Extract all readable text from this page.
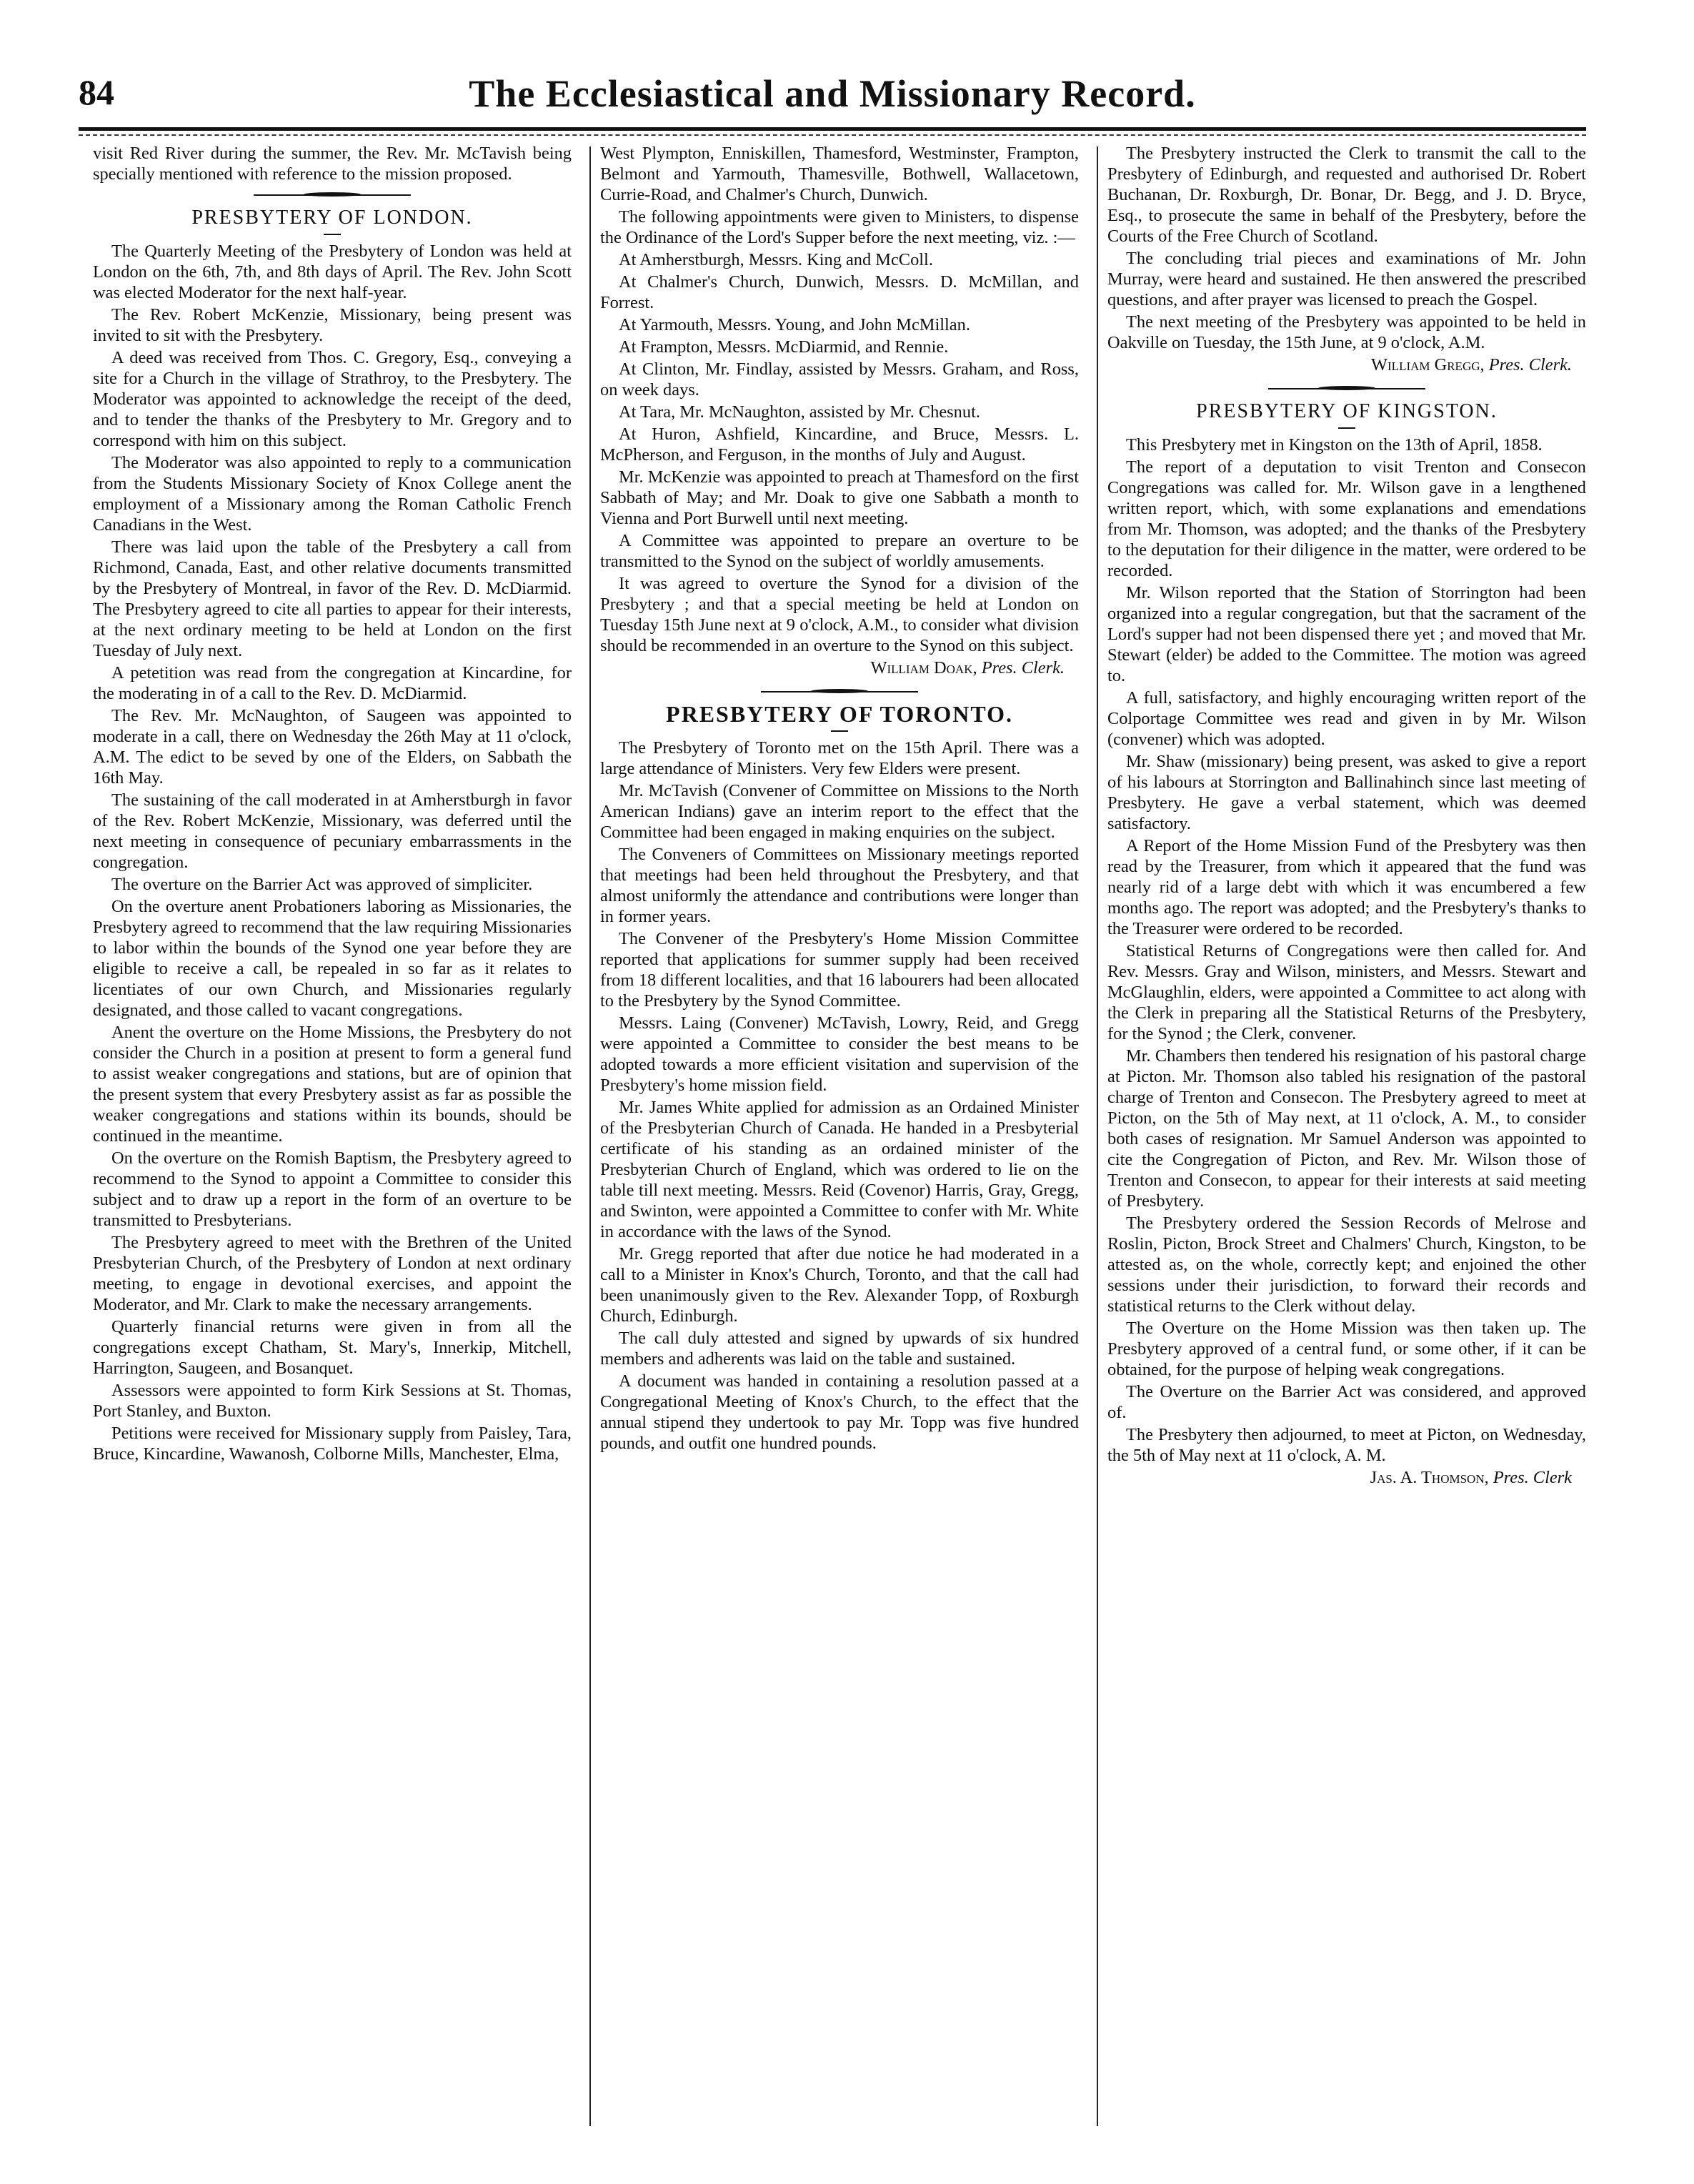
84	The Ecclesiastical and Missionary Record.

visit Red River during the summer, the Rev. Mr. McTavish being specially mentioned with reference to the mission proposed.

PRESBYTERY OF LONDON.

The Quarterly Meeting of the Presbytery of London was held at London on the 6th, 7th, and 8th days of April. The Rev. John Scott was elected Moderator for the next half-year.

The Rev. Robert McKenzie, Missionary, being present was invited to sit with the Presbytery.

A deed was received from Thos. C. Gregory, Esq., conveying a site for a Church in the village of Strathroy, to the Presbytery. The Moderator was appointed to acknowledge the receipt of the deed, and to tender the thanks of the Presbytery to Mr. Gregory and to correspond with him on this subject.

The Moderator was also appointed to reply to a communication from the Students Missionary Society of Knox College anent the employment of a Missionary among the Roman Catholic French Canadians in the West.

There was laid upon the table of the Presbytery a call from Richmond, Canada, East, and other relative documents transmitted by the Presbytery of Montreal, in favor of the Rev. D. McDiarmid. The Presbytery agreed to cite all parties to appear for their interests, at the next ordinary meeting to be held at London on the first Tuesday of July next.

A petetition was read from the congregation at Kincardine, for the moderating in of a call to the Rev. D. McDiarmid.

The Rev. Mr. McNaughton, of Saugeen was appointed to moderate in a call, there on Wednesday the 26th May at 11 o'clock, A.M. The edict to be seved by one of the Elders, on Sabbath the 16th May.

The sustaining of the call moderated in at Amherstburgh in favor of the Rev. Robert McKenzie, Missionary, was deferred until the next meeting in consequence of pecuniary embarrassments in the congregation.

The overture on the Barrier Act was approved of simpliciter.

On the overture anent Probationers laboring as Missionaries, the Presbytery agreed to recommend that the law requiring Missionaries to labor within the bounds of the Synod one year before they are eligible to receive a call, be repealed in so far as it relates to licentiates of our own Church, and Missionaries regularly designated, and those called to vacant congregations.

Anent the overture on the Home Missions, the Presbytery do not consider the Church in a position at present to form a general fund to assist weaker congregations and stations, but are of opinion that the present system that every Presbytery assist as far as possible the weaker congregations and stations within its bounds, should be continued in the meantime.

On the overture on the Romish Baptism, the Presbytery agreed to recommend to the Synod to appoint a Committee to consider this subject and to draw up a report in the form of an overture to be transmitted to Presbyterians.

The Presbytery agreed to meet with the Brethren of the United Presbyterian Church, of the Presbytery of London at next ordinary meeting, to engage in devotional exercises, and appoint the Moderator, and Mr. Clark to make the necessary arrangements.

Quarterly financial returns were given in from all the congregations except Chatham, St. Mary's, Innerkip, Mitchell, Harrington, Saugeen, and Bosanquet.

Assessors were appointed to form Kirk Sessions at St. Thomas, Port Stanley, and Buxton.

Petitions were received for Missionary supply from Paisley, Tara, Bruce, Kincardine, Wawanosh, Colborne Mills, Manchester, Elma,

West Plympton, Enniskillen, Thamesford, Westminster, Frampton, Belmont and Yarmouth, Thamesville, Bothwell, Wallacetown, Currie-Road, and Chalmer's Church, Dunwich.

The following appointments were given to Ministers, to dispense the Ordinance of the Lord's Supper before the next meeting, viz. :—

At Amherstburgh, Messrs. King and McColl.

At Chalmer's Church, Dunwich, Messrs. D. McMillan, and Forrest.

At Yarmouth, Messrs. Young, and John McMillan.

At Frampton, Messrs. McDiarmid, and Rennie.

At Clinton, Mr. Findlay, assisted by Messrs. Graham, and Ross, on week days.

At Tara, Mr. McNaughton, assisted by Mr. Chesnut.

At Huron, Ashfield, Kincardine, and Bruce, Messrs. L. McPherson, and Ferguson, in the months of July and August.

Mr. McKenzie was appointed to preach at Thamesford on the first Sabbath of May; and Mr. Doak to give one Sabbath a month to Vienna and Port Burwell until next meeting.

A Committee was appointed to prepare an overture to be transmitted to the Synod on the subject of worldly amusements.

It was agreed to overture the Synod for a division of the Presbytery ; and that a special meeting be held at London on Tuesday 15th June next at 9 o'clock, A.M., to consider what division should be recommended in an overture to the Synod on this subject.

William Doak, Pres. Clerk.

PRESBYTERY OF TORONTO.

The Presbytery of Toronto met on the 15th April. There was a large attendance of Ministers. Very few Elders were present.

Mr. McTavish (Convener of Committee on Missions to the North American Indians) gave an interim report to the effect that the Committee had been engaged in making enquiries on the subject.

The Conveners of Committees on Missionary meetings reported that meetings had been held throughout the Presbytery, and that almost uniformly the attendance and contributions were longer than in former years.

The Convener of the Presbytery's Home Mission Committee reported that applications for summer supply had been received from 18 different localities, and that 16 labourers had been allocated to the Presbytery by the Synod Committee.

Messrs. Laing (Convener) McTavish, Lowry, Reid, and Gregg were appointed a Committee to consider the best means to be adopted towards a more efficient visitation and supervision of the Presbytery's home mission field.

Mr. James White applied for admission as an Ordained Minister of the Presbyterian Church of Canada. He handed in a Presbyterial certificate of his standing as an ordained minister of the Presbyterian Church of England, which was ordered to lie on the table till next meeting. Messrs. Reid (Covenor) Harris, Gray, Gregg, and Swinton, were appointed a Committee to confer with Mr. White in accordance with the laws of the Synod.

Mr. Gregg reported that after due notice he had moderated in a call to a Minister in Knox's Church, Toronto, and that the call had been unanimously given to the Rev. Alexander Topp, of Roxburgh Church, Edinburgh.

The call duly attested and signed by upwards of six hundred members and adherents was laid on the table and sustained.

A document was handed in containing a resolution passed at a Congregational Meeting of Knox's Church, to the effect that the annual stipend they undertook to pay Mr. Topp was five hundred pounds, and outfit one hundred pounds.

The Presbytery instructed the Clerk to transmit the call to the Presbytery of Edinburgh, and requested and authorised Dr. Robert Buchanan, Dr. Roxburgh, Dr. Bonar, Dr. Begg, and J. D. Bryce, Esq., to prosecute the same in behalf of the Presbytery, before the Courts of the Free Church of Scotland.

The concluding trial pieces and examinations of Mr. John Murray, were heard and sustained. He then answered the prescribed questions, and after prayer was licensed to preach the Gospel.

The next meeting of the Presbytery was appointed to be held in Oakville on Tuesday, the 15th June, at 9 o'clock, A.M.

William Gregg, Pres. Clerk.

PRESBYTERY OF KINGSTON.

This Presbytery met in Kingston on the 13th of April, 1858.

The report of a deputation to visit Trenton and Consecon Congregations was called for. Mr. Wilson gave in a lengthened written report, which, with some explanations and emendations from Mr. Thomson, was adopted; and the thanks of the Presbytery to the deputation for their diligence in the matter, were ordered to be recorded.

Mr. Wilson reported that the Station of Storrington had been organized into a regular congregation, but that the sacrament of the Lord's supper had not been dispensed there yet ; and moved that Mr. Stewart (elder) be added to the Committee. The motion was agreed to.

A full, satisfactory, and highly encouraging written report of the Colportage Committee wes read and given in by Mr. Wilson (convener) which was adopted.

Mr. Shaw (missionary) being present, was asked to give a report of his labours at Storrington and Ballinahinch since last meeting of Presbytery. He gave a verbal statement, which was deemed satisfactory.

A Report of the Home Mission Fund of the Presbytery was then read by the Treasurer, from which it appeared that the fund was nearly rid of a large debt with which it was encumbered a few months ago. The report was adopted; and the Presbytery's thanks to the Treasurer were ordered to be recorded.

Statistical Returns of Congregations were then called for. And Rev. Messrs. Gray and Wilson, ministers, and Messrs. Stewart and McGlaughlin, elders, were appointed a Committee to act along with the Clerk in preparing all the Statistical Returns of the Presbytery, for the Synod ; the Clerk, convener.

Mr. Chambers then tendered his resignation of his pastoral charge at Picton. Mr. Thomson also tabled his resignation of the pastoral charge of Trenton and Consecon. The Presbytery agreed to meet at Picton, on the 5th of May next, at 11 o'clock, A. M., to consider both cases of resignation. Mr Samuel Anderson was appointed to cite the Congregation of Picton, and Rev. Mr. Wilson those of Trenton and Consecon, to appear for their interests at said meeting of Presbytery.

The Presbytery ordered the Session Records of Melrose and Roslin, Picton, Brock Street and Chalmers' Church, Kingston, to be attested as, on the whole, correctly kept; and enjoined the other sessions under their jurisdiction, to forward their records and statistical returns to the Clerk without delay.

The Overture on the Home Mission was then taken up. The Presbytery approved of a central fund, or some other, if it can be obtained, for the purpose of helping weak congregations.

The Overture on the Barrier Act was considered, and approved of.

The Presbytery then adjourned, to meet at Picton, on Wednesday, the 5th of May next at 11 o'clock, A. M.

Jas. A. Thomson, Pres. Clerk
